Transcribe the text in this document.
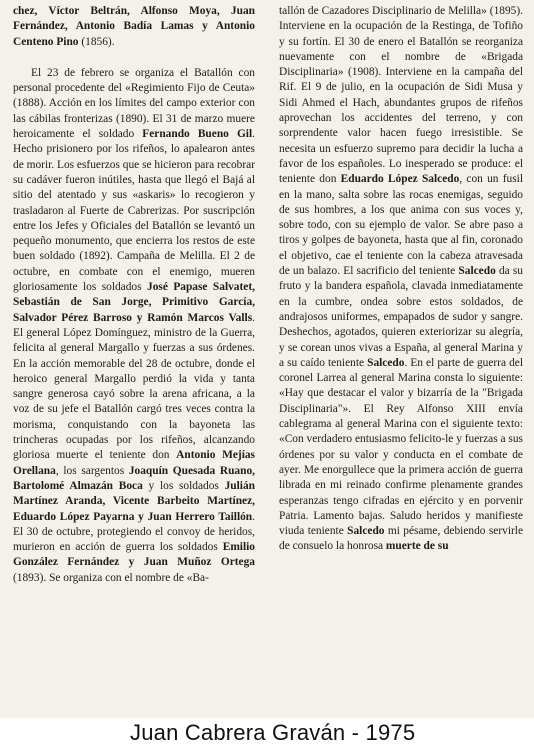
chez, Víctor Beltrán, Alfonso Moya, Juan Fernández, Antonio Badía Lamas y Antonio Centeno Pino (1856).

El 23 de febrero se organiza el Batallón con personal procedente del «Regimiento Fijo de Ceuta» (1888). Acción en los límites del campo exterior con las cábilas fronterizas (1890). El 31 de marzo muere heroicamente el soldado Fernando Bueno Gil. Hecho prisionero por los rifeños, lo apalearon antes de morir. Los esfuerzos que se hicieron para recobrar su cadáver fueron inútiles, hasta que llegó el Bajá al sitio del atentado y sus «askaris» lo recogieron y trasladaron al Fuerte de Cabrerizas. Por suscripción entre los Jefes y Oficiales del Batallón se levantó un pequeño monumento, que encierra los restos de este buen soldado (1892). Campaña de Melilla. El 2 de octubre, en combate con el enemigo, mueren gloriosamente los soldados José Papase Salvatet, Sebastián de San Jorge, Primitivo García, Salvador Pérez Barroso y Ramón Marcos Valls. El general López Domínguez, ministro de la Guerra, felicita al general Margallo y fuerzas a sus órdenes. En la acción memorable del 28 de octubre, donde el heroico general Margallo perdió la vida y tanta sangre generosa cayó sobre la arena africana, a la voz de su jefe el Batallón cargó tres veces contra la morisma, conquistando con la bayoneta las trincheras ocupadas por los rifeños, alcanzando gloriosa muerte el teniente don Antonio Mejías Orellana, los sargentos Joaquín Quesada Ruano, Bartolomé Almazán Boca y los soldados Julián Martínez Aranda, Vicente Barbeito Martínez, Eduardo López Payarna y Juan Herrero Taillón. El 30 de octubre, protegiendo el convoy de heridos, murieron en acción de guerra los soldados Emilio González Fernández y Juan Muñoz Ortega (1893). Se organiza con el nombre de «Ba-

tallón de Cazadores Disciplinario de Melilla» (1895). Interviene en la ocupación de la Restinga, de Tofiño y su fortín. El 30 de enero el Batallón se reorganiza nuevamente con el nombre de «Brigada Disciplinaria» (1908). Interviene en la campaña del Rif. El 9 de julio, en la ocupación de Sidi Musa y Sidi Ahmed el Hach, abundantes grupos de rifeños aprovechan los accidentes del terreno, y con sorprendente valor hacen fuego irresistible. Se necesita un esfuerzo supremo para decidir la lucha a favor de los españoles. Lo inesperado se produce: el teniente don Eduardo López Salcedo, con un fusil en la mano, salta sobre las rocas enemigas, seguido de sus hombres, a los que anima con sus voces y, sobre todo, con su ejemplo de valor. Se abre paso a tiros y golpes de bayoneta, hasta que al fin, coronado el objetivo, cae el teniente con la cabeza atravesada de un balazo. El sacrificio del teniente Salcedo da su fruto y la bandera española, clavada inmediatamente en la cumbre, ondea sobre estos soldados, de andrajosos uniformes, empapados de sudor y sangre. Deshechos, agotados, quieren exteriorizar su alegría, y se corean unos vivas a España, al general Marina y a su caído teniente Salcedo. En el parte de guerra del coronel Larrea al general Marina consta lo siguiente: «Hay que destacar el valor y bizarría de la "Brigada Disciplinaria"». El Rey Alfonso XIII envía cablegrama al general Marina con el siguiente texto: «Con verdadero entusiasmo felicito-le y fuerzas a sus órdenes por su valor y conducta en el combate de ayer. Me enorgullece que la primera acción de guerra librada en mi reinado confirme plenamente grandes esperanzas tengo cifradas en ejército y en porvenir Patria. Lamento bajas. Saludo heridos y manifieste viuda teniente Salcedo mi pésame, debiendo servirle de consuelo la honrosa muerte de su

Juan Cabrera Graván - 1975
